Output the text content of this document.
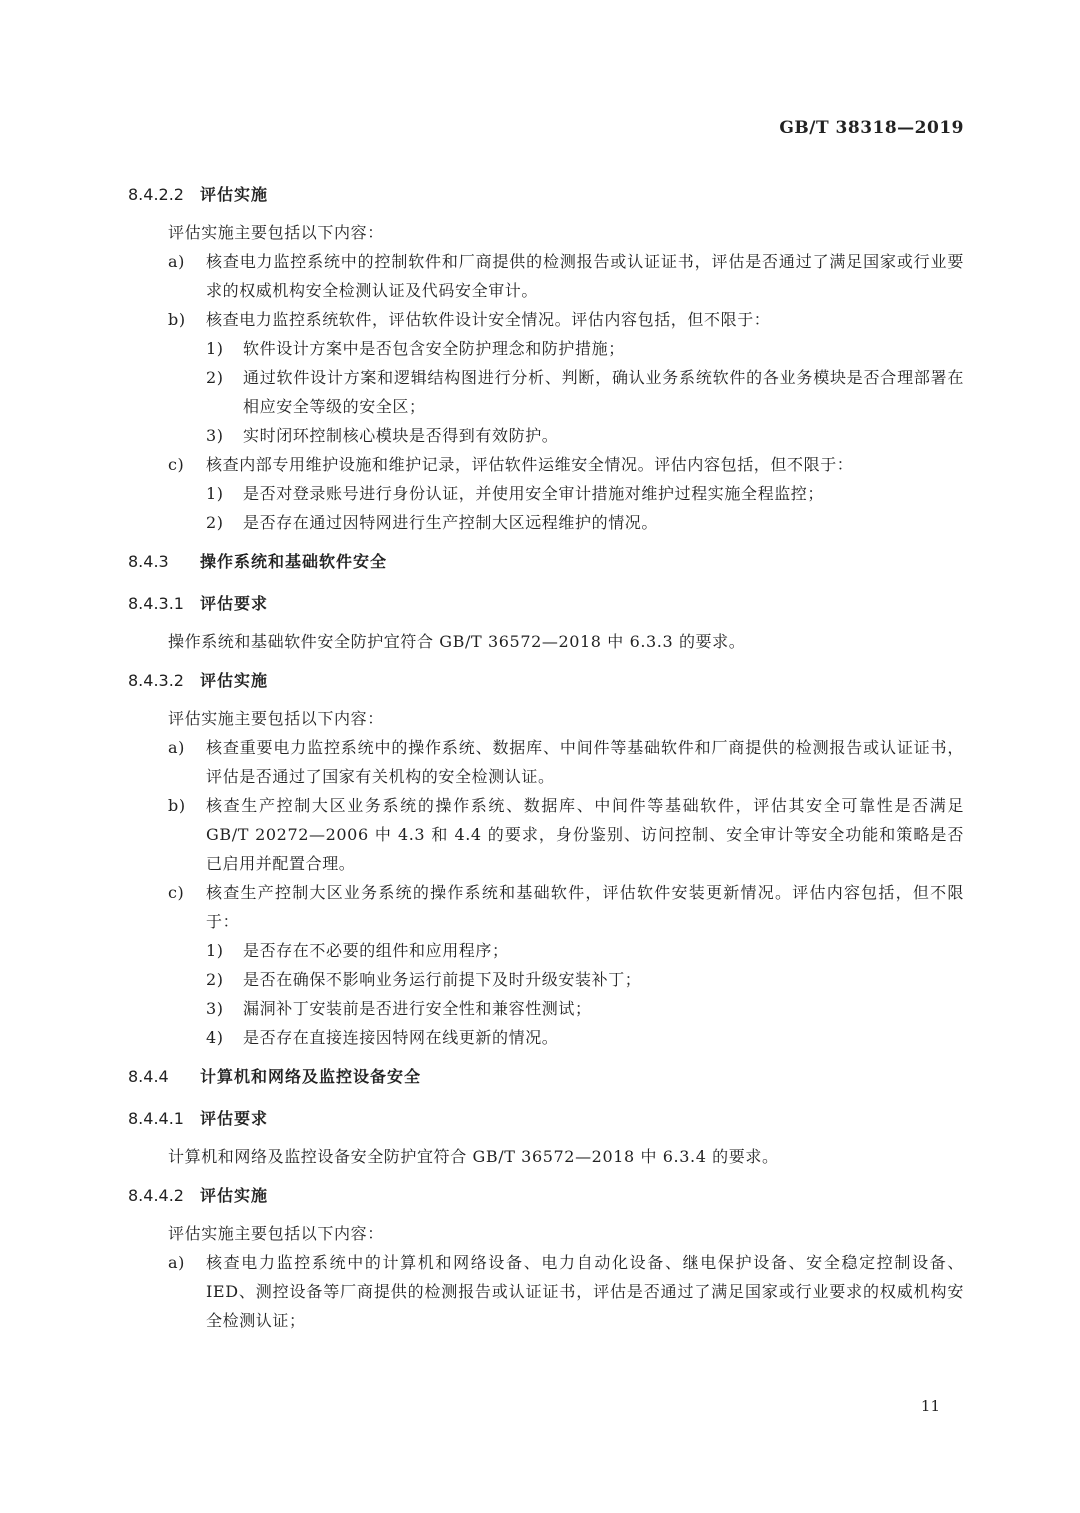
GB/T 38318—2019
8.4.2.2 评估实施
评估实施主要包括以下内容：
a) 核查电力监控系统中的控制软件和厂商提供的检测报告或认证证书，评估是否通过了满足国家或行业要求的权威机构安全检测认证及代码安全审计。
b) 核查电力监控系统软件，评估软件设计安全情况。评估内容包括，但不限于：
1) 软件设计方案中是否包含安全防护理念和防护措施；
2) 通过软件设计方案和逻辑结构图进行分析、判断，确认业务系统软件的各业务模块是否合理部署在相应安全等级的安全区；
3) 实时闭环控制核心模块是否得到有效防护。
c) 核查内部专用维护设施和维护记录，评估软件运维安全情况。评估内容包括，但不限于：
1) 是否对登录账号进行身份认证，并使用安全审计措施对维护过程实施全程监控；
2) 是否存在通过因特网进行生产控制大区远程维护的情况。
8.4.3 操作系统和基础软件安全
8.4.3.1 评估要求
操作系统和基础软件安全防护宜符合 GB/T 36572—2018 中 6.3.3 的要求。
8.4.3.2 评估实施
评估实施主要包括以下内容：
a) 核查重要电力监控系统中的操作系统、数据库、中间件等基础软件和厂商提供的检测报告或认证证书，评估是否通过了国家有关机构的安全检测认证。
b) 核查生产控制大区业务系统的操作系统、数据库、中间件等基础软件，评估其安全可靠性是否满足 GB/T 20272—2006 中 4.3 和 4.4 的要求，身份鉴别、访问控制、安全审计等安全功能和策略是否已启用并配置合理。
c) 核查生产控制大区业务系统的操作系统和基础软件，评估软件安装更新情况。评估内容包括，但不限于：
1) 是否存在不必要的组件和应用程序；
2) 是否在确保不影响业务运行前提下及时升级安装补丁；
3) 漏洞补丁安装前是否进行安全性和兼容性测试；
4) 是否存在直接连接因特网在线更新的情况。
8.4.4 计算机和网络及监控设备安全
8.4.4.1 评估要求
计算机和网络及监控设备安全防护宜符合 GB/T 36572—2018 中 6.3.4 的要求。
8.4.4.2 评估实施
评估实施主要包括以下内容：
a) 核查电力监控系统中的计算机和网络设备、电力自动化设备、继电保护设备、安全稳定控制设备、IED、测控设备等厂商提供的检测报告或认证证书，评估是否通过了满足国家或行业要求的权威机构安全检测认证；
11
